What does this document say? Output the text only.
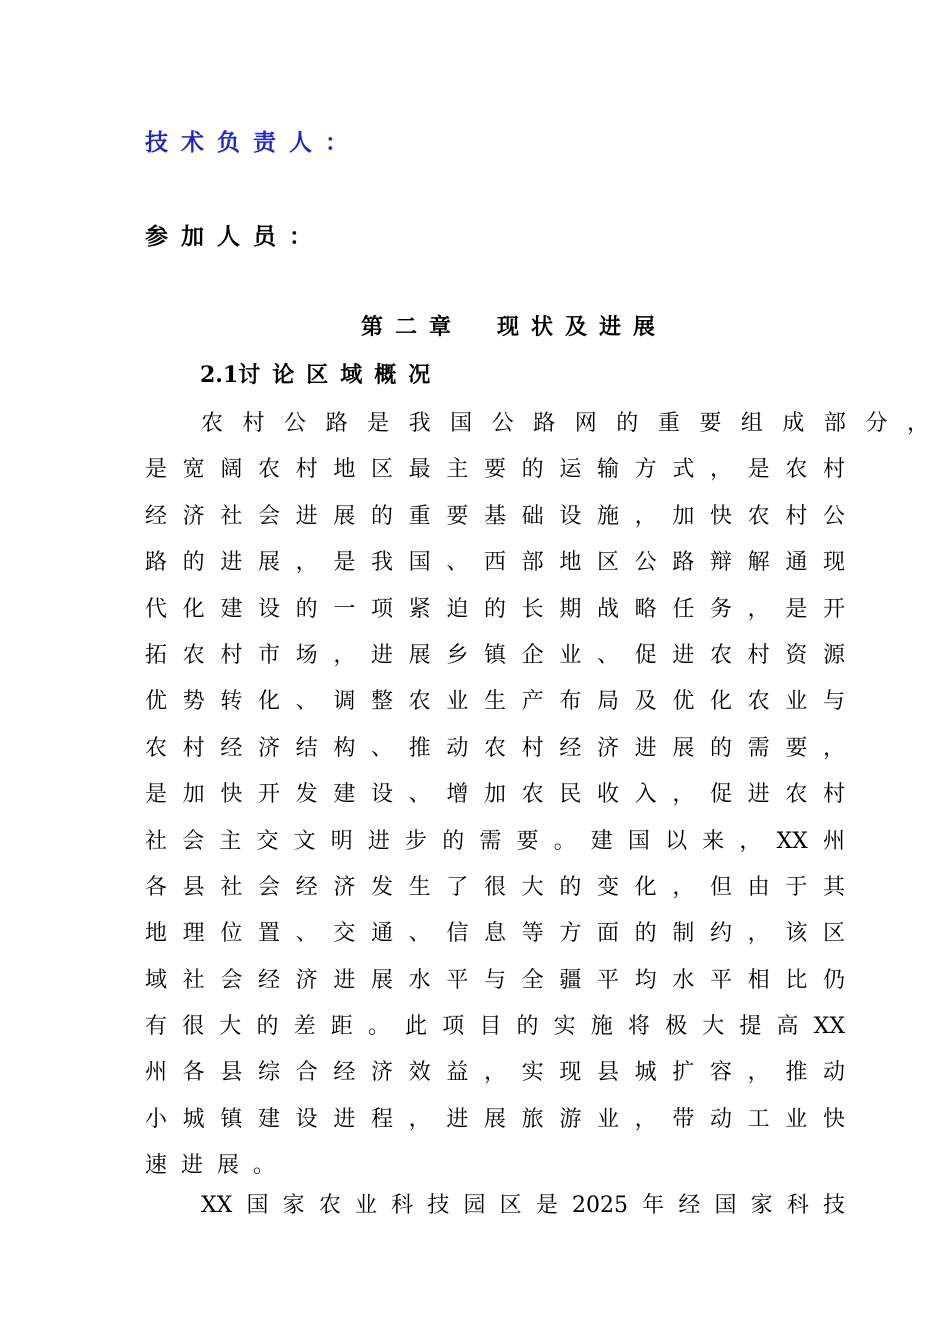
技术负责人：
参加人员：
第二章 现状及进展
2.1讨论区域概况
农村公路是我国公路网的重要组成部分，
是宽阔农村地区最主要的运输方式，是农村
经济社会进展的重要基础设施，加快农村公
路的进展，是我国、西部地区公路辩解通现
代化建设的一项紧迫的长期战略任务，是开
拓农村市场，进展乡镇企业、促进农村资源
优势转化、调整农业生产布局及优化农业与
农村经济结构、推动农村经济进展的需要，
是加快开发建设、增加农民收入，促进农村
社会主交文明进步的需要。建国以来，XX州
各县社会经济发生了很大的变化，但由于其
地理位置、交通、信息等方面的制约，该区
域社会经济进展水平与全疆平均水平相比仍
有很大的差距。此项目的实施将极大提高XX
州各县综合经济效益，实现县城扩容，推动
小城镇建设进程，进展旅游业，带动工业快
速进展。
XX国家农业科技园区是2025年经国家科技
